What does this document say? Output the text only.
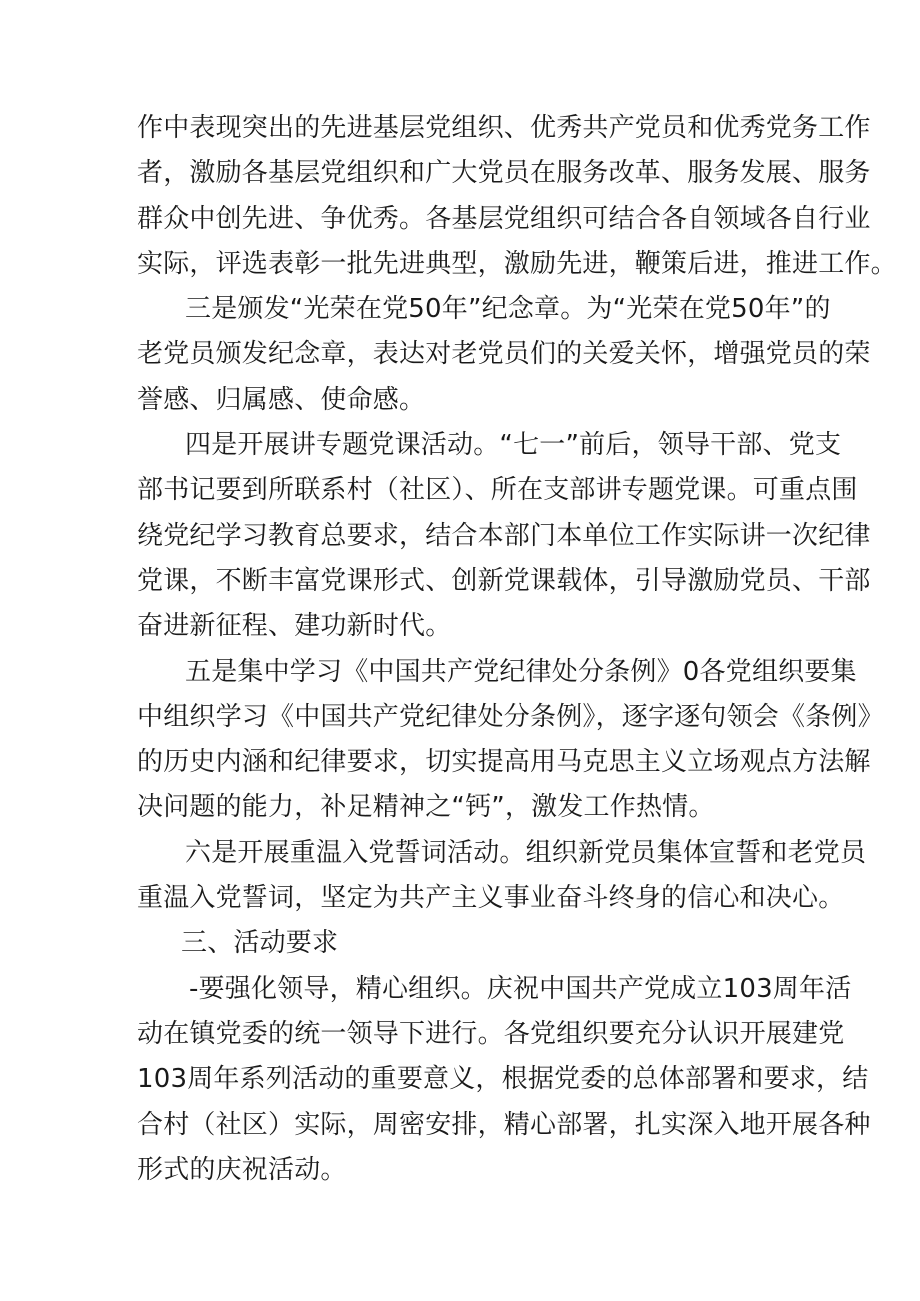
作中表现突出的先进基层党组织、优秀共产党员和优秀党务工作
者，激励各基层党组织和广大党员在服务改革、服务发展、服务
群众中创先进、争优秀。各基层党组织可结合各自领域各自行业
实际，评选表彰一批先进典型，激励先进，鞭策后进，推进工作。
三是颁发“光荣在党50年”纪念章。为“光荣在党50年”的
老党员颁发纪念章，表达对老党员们的关爱关怀，增强党员的荣
誉感、归属感、使命感。
四是开展讲专题党课活动。“七一”前后，领导干部、党支
部书记要到所联系村（社区）、所在支部讲专题党课。可重点围
绕党纪学习教育总要求，结合本部门本单位工作实际讲一次纪律
党课，不断丰富党课形式、创新党课载体，引导激励党员、干部
奋进新征程、建功新时代。
五是集中学习《中国共产党纪律处分条例》0各党组织要集
中组织学习《中国共产党纪律处分条例》，逐字逐句领会《条例》
的历史内涵和纪律要求，切实提高用马克思主义立场观点方法解
决问题的能力，补足精神之“钙”，激发工作热情。
六是开展重温入党誓词活动。组织新党员集体宣誓和老党员
重温入党誓词，坚定为共产主义事业奋斗终身的信心和决心。
三、活动要求
-要强化领导，精心组织。庆祝中国共产党成立103周年活
动在镇党委的统一领导下进行。各党组织要充分认识开展建党
103周年系列活动的重要意义，根据党委的总体部署和要求，结
合村（社区）实际，周密安排，精心部署，扎实深入地开展各种
形式的庆祝活动。
